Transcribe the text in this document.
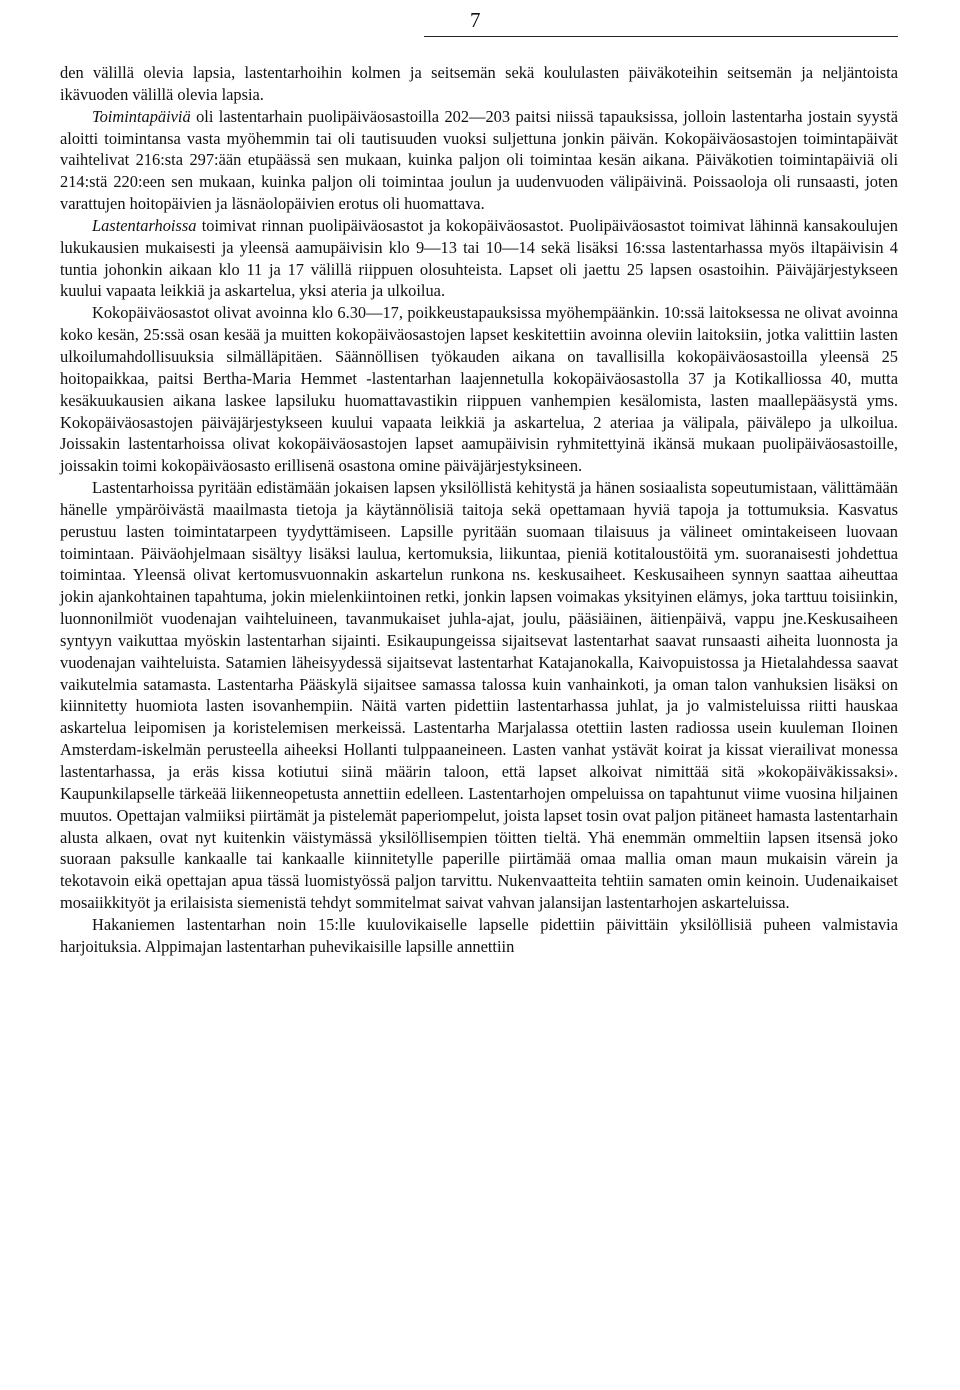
7

den välillä olevia lapsia, lastentarhoihin kolmen ja seitsemän sekä koululasten päiväkoteihin seitsemän ja neljäntoista ikävuoden välillä olevia lapsia.

Toimintapäiviä oli lastentarhain puolipäiväosastoilla 202—203 paitsi niissä tapauksissa, jolloin lastentarha jostain syystä aloitti toimintansa vasta myöhemmin tai oli tautisuuden vuoksi suljettuna jonkin päivän. Kokopäiväosastojen toimintapäivät vaihtelivat 216:sta 297:ään etupäässä sen mukaan, kuinka paljon oli toimintaa kesän aikana. Päiväkotien toimintapäiviä oli 214:stä 220:een sen mukaan, kuinka paljon oli toimintaa joulun ja uudenvuoden välipäivinä. Poissaoloja oli runsaasti, joten varattujen hoitopäivien ja läsnäolopäivien erotus oli huomattava.

Lastentarhoissa toimivat rinnan puolipäiväosastot ja kokopäiväosastot. Puolipäiväosastot toimivat lähinnä kansakoulujen lukukausien mukaisesti ja yleensä aamupäivisin klo 9—13 tai 10—14 sekä lisäksi 16:ssa lastentarhassa myös iltapäivisin 4 tuntia johonkin aikaan klo 11 ja 17 välillä riippuen olosuhteista. Lapset oli jaettu 25 lapsen osastoihin. Päiväjärjestykseen kuului vapaata leikkiä ja askartelua, yksi ateria ja ulkoilua.

Kokopäiväosastot olivat avoinna klo 6.30—17, poikkeustapauksissa myöhempäänkin. 10:ssä laitoksessa ne olivat avoinna koko kesän, 25:ssä osan kesää ja muitten kokopäiväosastojen lapset keskitettiin avoinna oleviin laitoksiin, jotka valittiin lasten ulkoilumahdollisuuksia silmälläpitäen. Säännöllisen työkauden aikana on tavallisilla kokopäiväosastoilla yleensä 25 hoitopaikkaa, paitsi Bertha-Maria Hemmet -lastentarhan laajennetulla kokopäiväosastolla 37 ja Kotikalliossa 40, mutta kesäkuukausien aikana laskee lapsiluku huomattavastikin riippuen vanhempien kesälomista, lasten maallepääsystä yms. Kokopäiväosastojen päiväjärjestykseen kuului vapaata leikkiä ja askartelua, 2 ateriaa ja välipala, päivälepo ja ulkoilua. Joissakin lastentarhoissa olivat kokopäiväosastojen lapset aamupäivisin ryhmitettyinä ikänsä mukaan puolipäiväosastoille, joissakin toimi kokopäiväosasto erillisenä osastona omine päiväjärjestyksineen.

Lastentarhoissa pyritään edistämään jokaisen lapsen yksilöllistä kehitystä ja hänen sosiaalista sopeutumistaan, välittämään hänelle ympäröivästä maailmasta tietoja ja käytännölisiä taitoja sekä opettamaan hyviä tapoja ja tottumuksia. Kasvatus perustuu lasten toimintatarpeen tyydyttämiseen. Lapsille pyritään suomaan tilaisuus ja välineet omintakeiseen luovaan toimintaan. Päiväohjelmaan sisältyy lisäksi laulua, kertomuksia, liikuntaa, pieniä kotitaloustöitä ym. suoranaisesti johdettua toimintaa. Yleensä olivat kertomusvuonnakin askartelun runkona ns. keskusaiheet. Keskusaiheen synnyn saattaa aiheuttaa jokin ajankohtainen tapahtuma, jokin mielenkiintoinen retki, jonkin lapsen voimakas yksityinen elämys, joka tarttuu toisiinkin, luonnonilmiöt vuodenajan vaihteluineen, tavanmukaiset juhla-ajat, joulu, pääsiäinen, äitienpäivä, vappu jne.Keskusaiheen syntyyn vaikuttaa myöskin lastentarhan sijainti. Esikaupungeissa sijaitsevat lastentarhat saavat runsaasti aiheita luonnosta ja vuodenajan vaihteluista. Satamien läheisyydessä sijaitsevat lastentarhat Katajanokalla, Kaivopuistossa ja Hietalahdessa saavat vaikutelmia satamasta. Lastentarha Pääskylä sijaitsee samassa talossa kuin vanhainkoti, ja oman talon vanhuksien lisäksi on kiinnitetty huomiota lasten isovanhempiin. Näitä varten pidettiin lastentarhassa juhlat, ja jo valmisteluissa riitti hauskaa askartelua leipomisen ja koristelemisen merkeissä. Lastentarha Marjalassa otettiin lasten radiossa usein kuuleman Iloinen Amsterdam-iskelmän perusteella aiheeksi Hollanti tulppaaneineen. Lasten vanhat ystävät koirat ja kissat vierailivat monessa lastentarhassa, ja eräs kissa kotiutui siinä määrin taloon, että lapset alkoivat nimittää sitä »kokopäiväkissaksi». Kaupunkilapselle tärkeää liikenneopetusta annettiin edelleen. Lastentarhojen ompeluissa on tapahtunut viime vuosina hiljainen muutos. Opettajan valmiiksi piirtämät ja pistelemät paperiompelut, joista lapset tosin ovat paljon pitäneet hamasta lastentarhain alusta alkaen, ovat nyt kuitenkin väistymässä yksilöllisempien töitten tieltä. Yhä enemmän ommeltiin lapsen itsensä joko suoraan paksulle kankaalle tai kankaalle kiinnitetylle paperille piirtämää omaa mallia oman maun mukaisin värein ja tekotavoin eikä opettajan apua tässä luomistyössä paljon tarvittu. Nukenvaatteita tehtiin samaten omin keinoin. Uudenaikaiset mosaiikkityöt ja erilaisista siemenistä tehdyt sommitelmat saivat vahvan jalansijan lastentarhojen askarteluissa.

Hakaniemen lastentarhan noin 15:lle kuulovikaiselle lapselle pidettiin päivittäin yksilöllisiä puheen valmistavia harjoituksia. Alppimajan lastentarhan puhevikaisille lapsille annettiin
